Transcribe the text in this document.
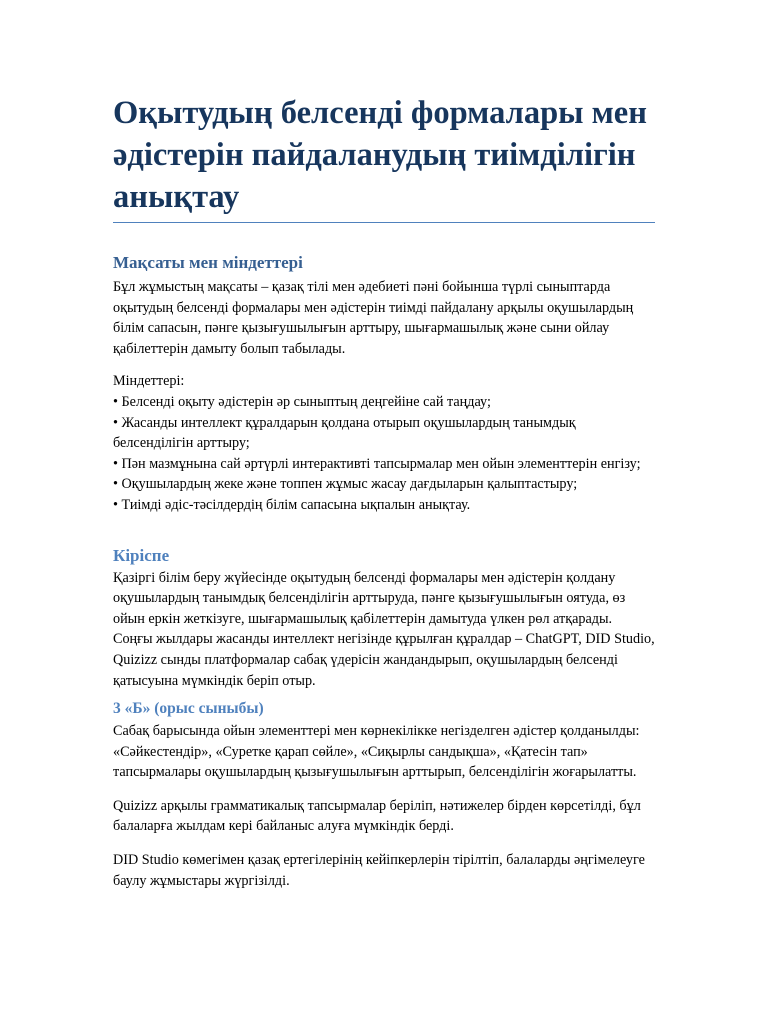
Оқытудың белсенді формалары мен әдістерін пайдаланудың тиімділігін анықтау
Мақсаты мен міндеттері

Бұл жұмыстың мақсаты – қазақ тілі мен әдебиеті пәні бойынша түрлі сыныптарда оқытудың белсенді формалары мен әдістерін тиімді пайдалану арқылы оқушылардың білім сапасын, пәнге қызығушылығын арттыру, шығармашылық және сыни ойлау қабілеттерін дамыту болып табылады.

Міндеттері:
• Белсенді оқыту әдістерін әр сыныптың деңгейіне сай таңдау;
• Жасанды интеллект құралдарын қолдана отырып оқушылардың танымдық белсенділігін арттыру;
• Пән мазмұнына сай әртүрлі интерактивті тапсырмалар мен ойын элементтерін енгізу;
• Оқушылардың жеке және топпен жұмыс жасау дағдыларын қалыптастыру;
• Тиімді әдіс-тәсілдердің білім сапасына ықпалын анықтау.

Кіріспе

Қазіргі білім беру жүйесінде оқытудың белсенді формалары мен әдістерін қолдану оқушылардың танымдық белсенділігін арттыруда, пәнге қызығушылығын оятуда, өз ойын еркін жеткізуге, шығармашылық қабілеттерін дамытуда үлкен рөл атқарады. Соңғы жылдары жасанды интеллект негізінде құрылған құралдар – ChatGPT, DID Studio, Quizizz сынды платформалар сабақ үдерісін жандандырып, оқушылардың белсенді қатысуына мүмкіндік беріп отыр.

3 «Б» (орыс сыныбы)

Сабақ барысында ойын элементтері мен көрнекілікке негізделген әдістер қолданылды: «Сәйкестендір», «Суретке қарап сөйле», «Сиқырлы сандықша», «Қатесін тап» тапсырмалары оқушылардың қызығушылығын арттырып, белсенділігін жоғарылатты.

Quizizz арқылы грамматикалық тапсырмалар беріліп, нәтижелер бірден көрсетілді, бұл балаларға жылдам кері байланыс алуға мүмкіндік берді.

DID Studio көмегімен қазақ ертегілерінің кейіпкерлерін тірілтіп, балаларды әңгімелеуге баулу жұмыстары жүргізілді.
